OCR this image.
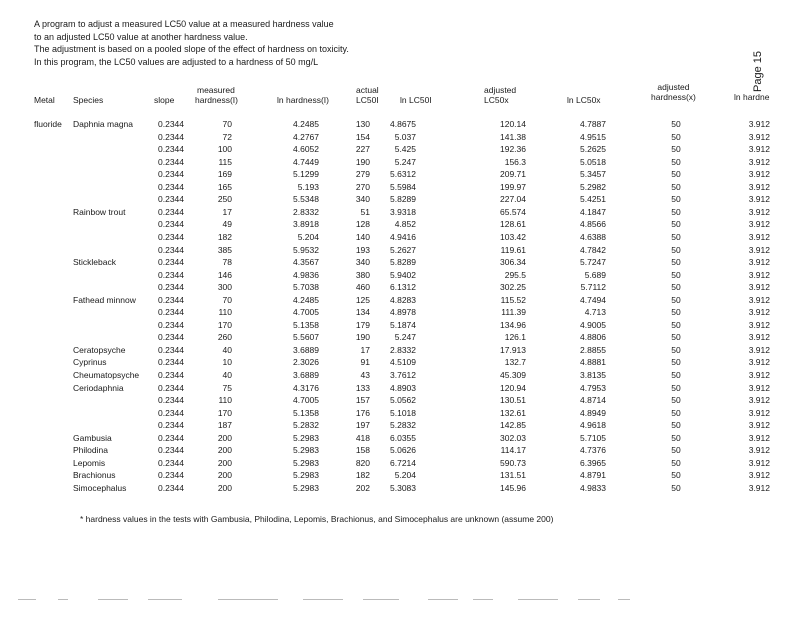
A program to adjust a measured LC50 value at a measured hardness value
to an adjusted LC50 value at another hardness value.
The adjustment is based on a pooled slope of the effect of hardness on toxicity.
In this program, the LC50 values are adjusted to a hardness of 50 mg/L	Page 15
Metal Species	slope
measured
hardness(I)	ln hardness(I)
actual
LC50I	ln LC50I
adjusted
LC50x	ln LC50x
adjusted
hardness(x)	ln hardne
fluoride Daphnia magna	0.2344	70	4.2485	130	4.8675	120.14	4.7887	50	3.912
0.2344	72	4.2767	154	5.037	141.38	4.9515	50	3.912
0.2344	100	4.6052	227	5.425	192.36	5.2625	50	3.912
0.2344	115	4.7449	190	5.247	156.3	5.0518	50	3.912
0.2344	169	5.1299	279	5.6312	209.71	5.3457	50	3.912
0.2344	165	5.193	270	5.5984	199.97	5.2982	50	3.912
0.2344	250	5.5348	340	5.8289	227.04	5.4251	50	3.912
Rainbow trout	0.2344	17	2.8332	51	3.9318	65.574	4.1847	50	3.912
0.2344	49	3.8918	128	4.852	128.61	4.8566	50	3.912
0.2344	182	5.204	140	4.9416	103.42	4.6388	50	3.912
0.2344	385	5.9532	193	5.2627	119.61	4.7842	50	3.912
Stickleback	0.2344	78	4.3567	340	5.8289	306.34	5.7247	50	3.912
0.2344	146	4.9836	380	5.9402	295.5	5.689	50	3.912
0.2344	300	5.7038	460	6.1312	302.25	5.7112	50	3.912
Fathead minnow	0.2344	70	4.2485	125	4.8283	115.52	4.7494	50	3.912
0.2344	110	4.7005	134	4.8978	111.39	4.713	50	3.912
0.2344	170	5.1358	179	5.1874	134.96	4.9005	50	3.912
0.2344	260	5.5607	190	5.247	126.1	4.8806	50	3.912
Ceratopsyche	0.2344	40	3.6889	17	2.8332	17.913	2.8855	50	3.912
Cyprinus	0.2344	10	2.3026	91	4.5109	132.7	4.8881	50	3.912
Cheumatopsyche 0.2344	40	3.6889	43	3.7612	45.309	3.8135	50	3.912
Ceriodaphnia	0.2344	75	4.3176	133	4.8903	120.94	4.7953	50	3.912
0.2344	110	4.7005	157	5.0562	130.51	4.8714	50	3.912
0.2344	170	5.1358	176	5.1018	132.61	4.8949	50	3.912
0.2344	187	5.2832	197	5.2832	142.85	4.9618	50	3.912
Gambusia	0.2344	200	5.2983	418	6.0355	302.03	5.7105	50	3.912
Philodina	0.2344	200	5.2983	158	5.0626	114.17	4.7376	50	3.912
Lepomis	0.2344	200	5.2983	820	6.7214	590.73	6.3965	50	3.912
Brachionus	0.2344	200	5.2983	182	5.204	131.51	4.8791	50	3.912
Simocephalus	0.2344	200	5.2983	202	5.3083	145.96	4.9833	50	3.912
* hardness values in the tests with Gambusia, Philodina, Lepomis, Brachionus, and Simocephalus are unknown (assume 200)
